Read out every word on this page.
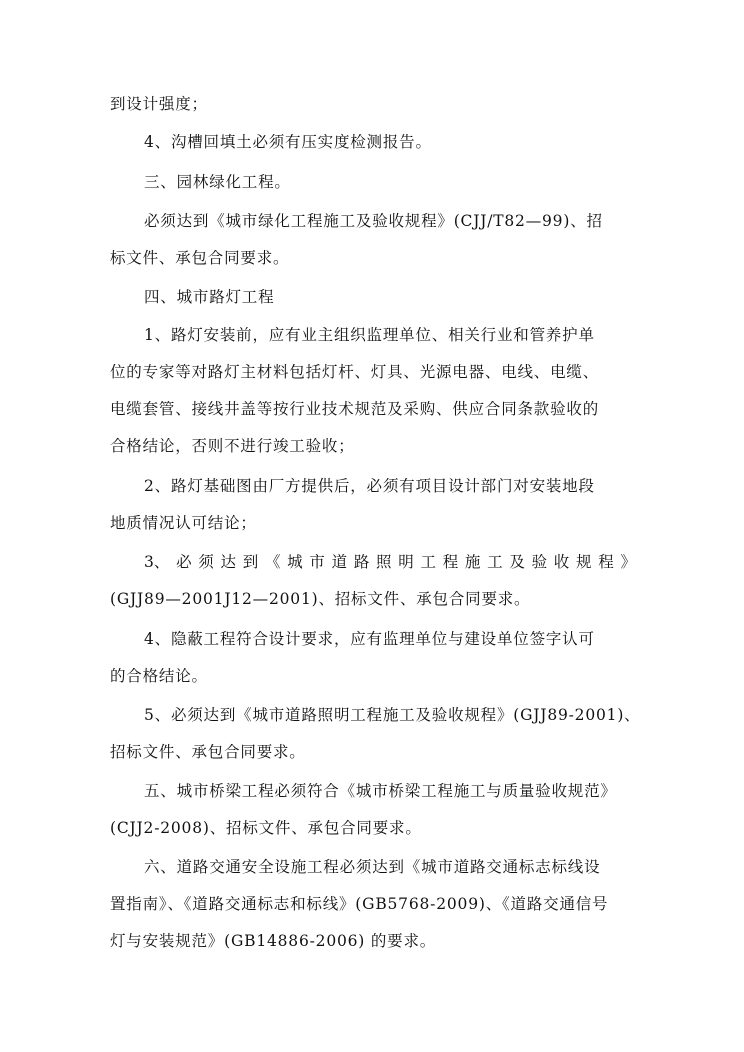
到设计强度；
4、沟槽回填土必须有压实度检测报告。
三、园林绿化工程。
必须达到《城市绿化工程施工及验收规程》(CJJ/T82—99)、招
标文件、承包合同要求。
四、城市路灯工程
1、路灯安装前，应有业主组织监理单位、相关行业和管养护单
位的专家等对路灯主材料包括灯杆、灯具、光源电器、电线、电缆、
电缆套管、接线井盖等按行业技术规范及采购、供应合同条款验收的
合格结论，否则不进行竣工验收；
2、路灯基础图由厂方提供后，必须有项目设计部门对安装地段
地质情况认可结论；
3、 必 须 达 到 《 城 市 道 路 照 明 工 程 施 工 及 验 收 规 程 》
(GJJ89—2001J12—2001)、招标文件、承包合同要求。
4、隐蔽工程符合设计要求，应有监理单位与建设单位签字认可
的合格结论。
5、必须达到《城市道路照明工程施工及验收规程》(GJJ89-2001)、
招标文件、承包合同要求。
五、城市桥梁工程必须符合《城市桥梁工程施工与质量验收规范》
(CJJ2-2008)、招标文件、承包合同要求。
六、道路交通安全设施工程必须达到《城市道路交通标志标线设
置指南》、《道路交通标志和标线》(GB5768-2009)、《道路交通信号
灯与安装规范》(GB14886-2006) 的要求。
